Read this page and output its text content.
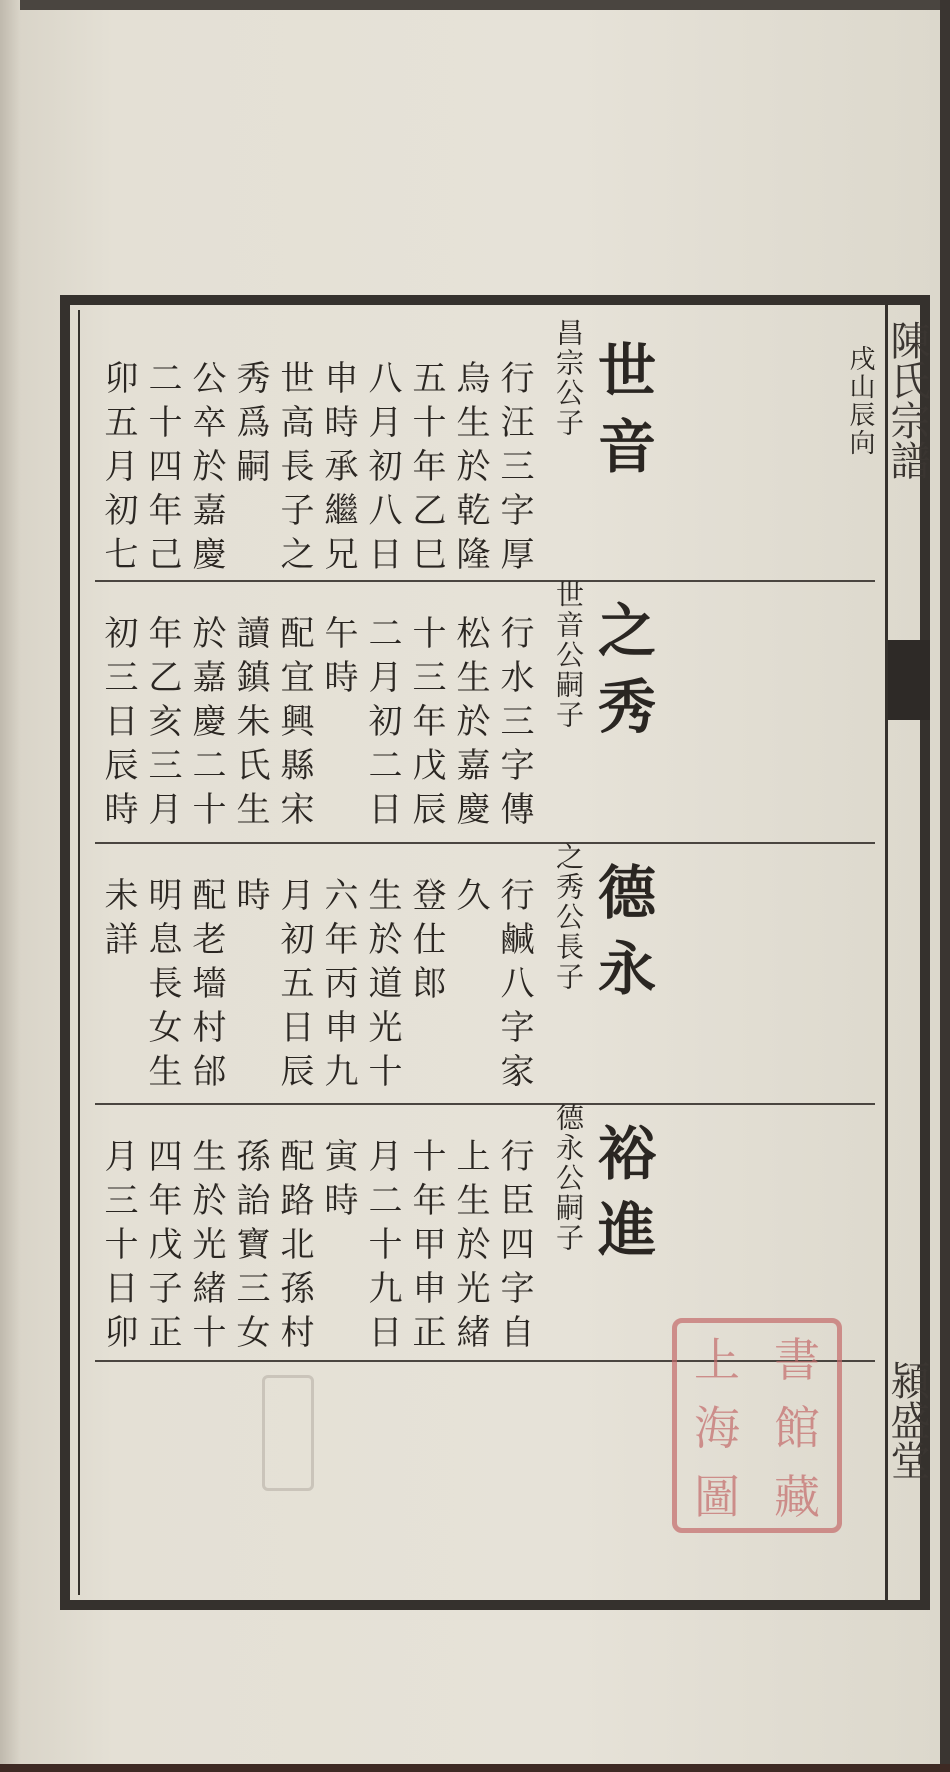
陳氏宗譜
潁盛堂
戌山辰向
昌宗公子 世音
行汪三字厚
烏生於乾隆
五十年乙巳
八月初八日
申時承繼兄
世高長子之
秀爲嗣
公卒於嘉慶
二十四年己
卯五月初七
世音公嗣子 之秀
行水三字傳
松生於嘉慶
十三年戊辰
二月初二日
午時
配宜興縣宋
讀鎮朱氏生
於嘉慶二十
年乙亥三月
初三日辰時
之秀公長子 德永
行鹹八字家
久
登仕郎
生於道光十
六年丙申九
月初五日辰
時
配老墻村邰
明息長女生
未詳
德永公嗣子 裕進
行臣四字自
上生於光緒
十年甲申正
月二十九日
寅時
配路北孫村
孫詒寶三女
生於光緒十
四年戊子正
月三十日卯
上 書
海 館
圖 藏
